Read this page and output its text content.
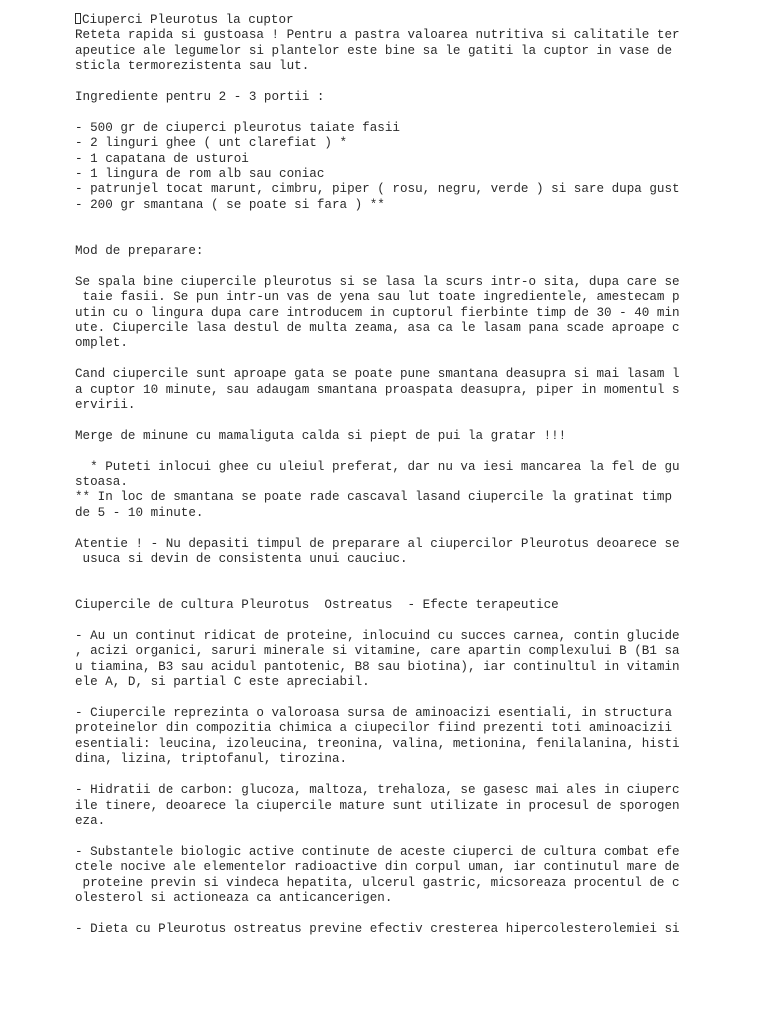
Ciuperci Pleurotus la cuptor
Reteta rapida si gustoasa ! Pentru a pastra valoarea nutritiva si calitatile ter
apeutice ale legumelor si plantelor este bine sa le gatiti la cuptor in vase de
sticla termorezistenta sau lut.
Ingrediente pentru 2 - 3 portii :
- 500 gr de ciuperci pleurotus taiate fasii
- 2 linguri ghee ( unt clarefiat ) *
- 1 capatana de usturoi
- 1 lingura de rom alb sau coniac
- patrunjel tocat marunt, cimbru, piper ( rosu, negru, verde ) si sare dupa gust
- 200 gr smantana ( se poate si fara ) **
Mod de preparare:
Se spala bine ciupercile pleurotus si se lasa la scurs intr-o sita, dupa care se
taie fasii. Se pun intr-un vas de yena sau lut toate ingredientele, amestecam p
utin cu o lingura dupa care introducem in cuptorul fierbinte timp de 30 - 40 min
ute. Ciupercile lasa destul de multa zeama, asa ca le lasam pana scade aproape c
omplet.
Cand ciupercile sunt aproape gata se poate pune smantana deasupra si mai lasam l
a cuptor 10 minute, sau adaugam smantana proaspata deasupra, piper in momentul s
ervirii.
Merge de minune cu mamaliguta calda si piept de pui la gratar !!!
* Puteti inlocui ghee cu uleiul preferat, dar nu va iesi mancarea la fel de gu
stoasa.
** In loc de smantana se poate rade cascaval lasand ciupercile la gratinat timp
de 5 - 10 minute.
Atentie ! - Nu depasiti timpul de preparare al ciupercilor Pleurotus deoarece se
usuca si devin de consistenta unui cauciuc.
Ciupercile de cultura Pleurotus  Ostreatus  - Efecte terapeutice
- Au un continut ridicat de proteine, inlocuind cu succes carnea, contin glucide
, acizi organici, saruri minerale si vitamine, care apartin complexului B (B1 sa
u tiamina, B3 sau acidul pantotenic, B8 sau biotina), iar continultul in vitamin
ele A, D, si partial C este apreciabil.
- Ciupercile reprezinta o valoroasa sursa de aminoacizi esentiali, in structura
proteinelor din compozitia chimica a ciupecilor fiind prezenti toti aminoacizii
esentiali: leucina, izoleucina, treonina, valina, metionina, fenilalanina, histi
dina, lizina, triptofanul, tirozina.
- Hidratii de carbon: glucoza, maltoza, trehaloza, se gasesc mai ales in ciuperc
ile tinere, deoarece la ciupercile mature sunt utilizate in procesul de sporogen
eza.
- Substantele biologic active continute de aceste ciuperci de cultura combat efe
ctele nocive ale elementelor radioactive din corpul uman, iar continutul mare de
proteine previn si vindeca hepatita, ulcerul gastric, micsoreaza procentul de c
olesterol si actioneaza ca anticancerigen.
- Dieta cu Pleurotus ostreatus previne efectiv cresterea hipercolesterolemiei si
